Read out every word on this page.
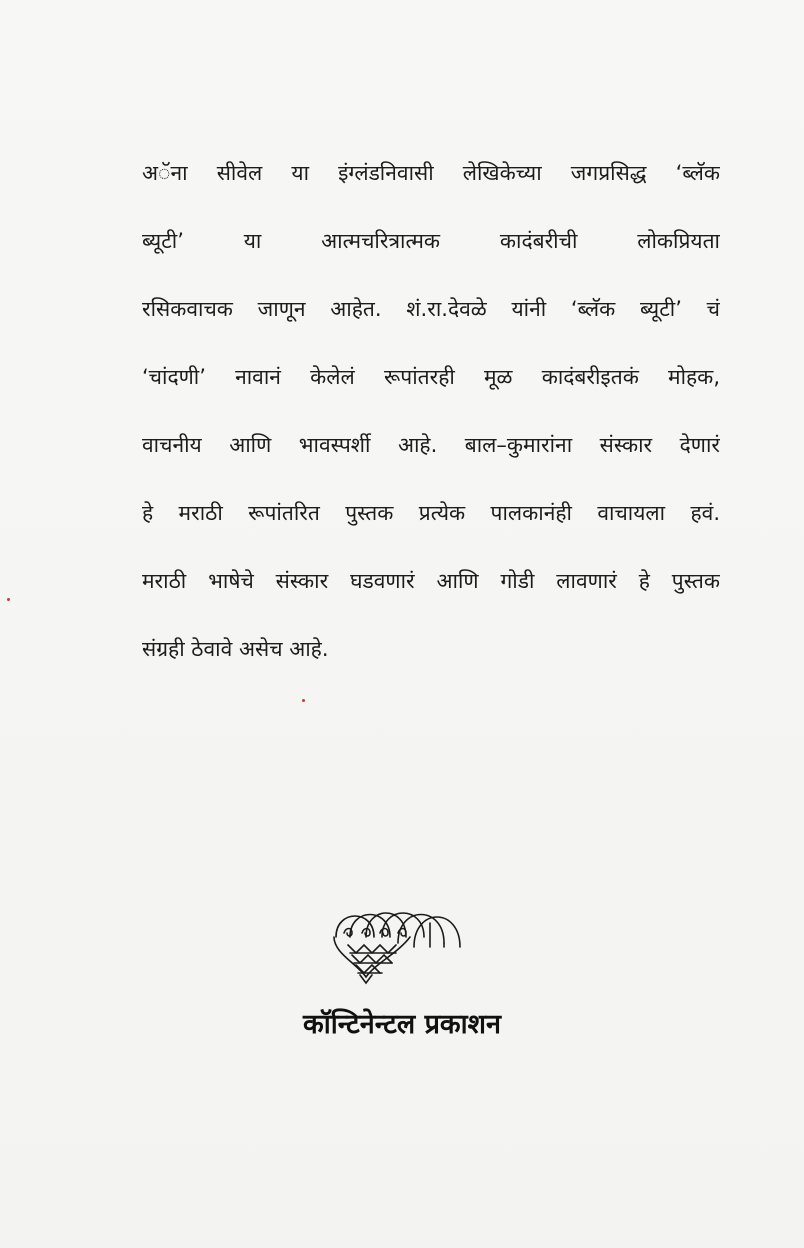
अॅना सीवेल या इंग्लंडनिवासी लेखिकेच्या जगप्रसिद्ध ‘ब्लॅक
ब्यूटी’ या आत्मचरित्रात्मक कादंबरीची लोकप्रियता
रसिकवाचक जाणून आहेत. शं.रा.देवळे यांनी ‘ब्लॅक ब्यूटी’ चं
‘चांदणी’ नावानं केलेलं रूपांतरही मूळ कादंबरीइतकं मोहक,
वाचनीय आणि भावस्पर्शी आहे. बाल–कुमारांना संस्कार देणारं
हे मराठी रूपांतरित पुस्तक प्रत्येक पालकानंही वाचायला हवं.
मराठी भाषेचे संस्कार घडवणारं आणि गोडी लावणारं हे पुस्तक
संग्रही ठेवावे असेच आहे.
कॉन्टिनेन्टल प्रकाशन
